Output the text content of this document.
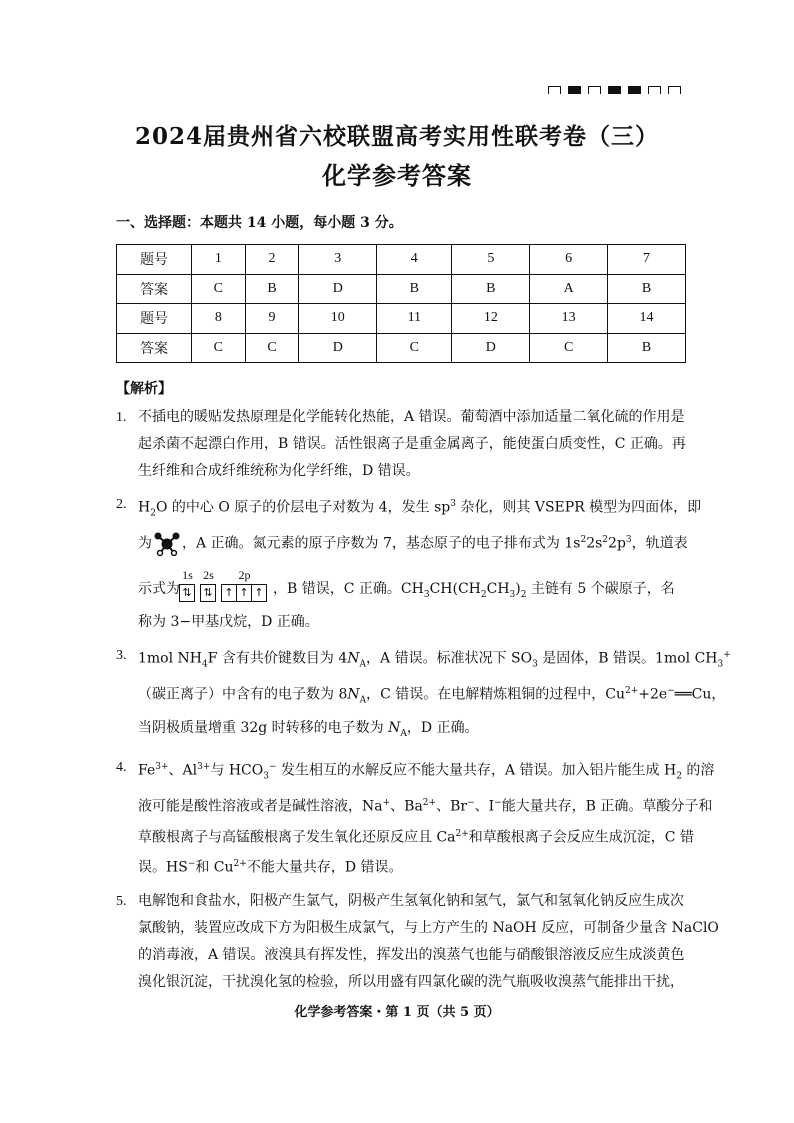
2024届贵州省六校联盟高考实用性联考卷（三）
化学参考答案
一、选择题：本题共 14 小题，每小题 3 分。
题号	1	2	3	4	5	6	7
答案	C	B	D	B	B	A	B
题号	8	9	10	11	12	13	14
答案	C	C	D	C	D	C	B
【解析】
1. 不插电的暖贴发热原理是化学能转化热能，A 错误。葡萄酒中添加适量二氧化硫的作用是
起杀菌不起漂白作用，B 错误。活性银离子是重金属离子，能使蛋白质变性，C 正确。再
生纤维和合成纤维统称为化学纤维，D 错误。
2. $H_2O$ 的中心 O 原子的价层电子对数为 4，发生 $sp^3$ 杂化，则其 VSEPR 模型为四面体，即
为 ，A 正确。氮元素的原子序数为 7，基态原子的电子排布式为 $1s^22s^22p^3$，轨道表
示式为
1s
⇅
2s
⇅
2p
↑ ↑ ↑ ，B 错误，C 正确。$CH_3CH(CH_2CH_3)_2$ 主链有 5 个碳原子，名
称为 3−甲基戊烷，D 正确。
3. 1mol $NH_4F$ 含有共价键数目为 $4N_A$，A 错误。标准状况下 $SO_3$ 是固体，B 错误。1mol $CH_3^+$
（碳正离子）中含有的电子数为 $8N_A$，C 错误。在电解精炼粗铜的过程中，$Cu^{2+}+2e^-══Cu$，
当阴极质量增重 32g 时转移的电子数为 $N_A$，D 正确。
4. $Fe^{3+}$、$Al^{3+}$与 $HCO_3^-$ 发生相互的水解反应不能大量共存，A 错误。加入铝片能生成 $H_2$ 的溶
液可能是酸性溶液或者是碱性溶液，Na+、$Ba^{2+}$、Br−、I−能大量共存，B 正确。草酸分子和
草酸根离子与高锰酸根离子发生氧化还原反应且 $Ca^{2+}$和草酸根离子会反应生成沉淀，C 错
误。HS−和 $Cu^{2+}$不能大量共存，D 错误。
5. 电解饱和食盐水，阳极产生氯气，阴极产生氢氧化钠和氢气，氯气和氢氧化钠反应生成次
氯酸钠，装置应改成下方为阳极生成氯气，与上方产生的 NaOH 反应，可制备少量含 NaClO
的消毒液，A 错误。液溴具有挥发性，挥发出的溴蒸气也能与硝酸银溶液反应生成淡黄色
溴化银沉淀，干扰溴化氢的检验，所以用盛有四氯化碳的洗气瓶吸收溴蒸气能排出干扰，
化学参考答案・第 1 页（共 5 页）
